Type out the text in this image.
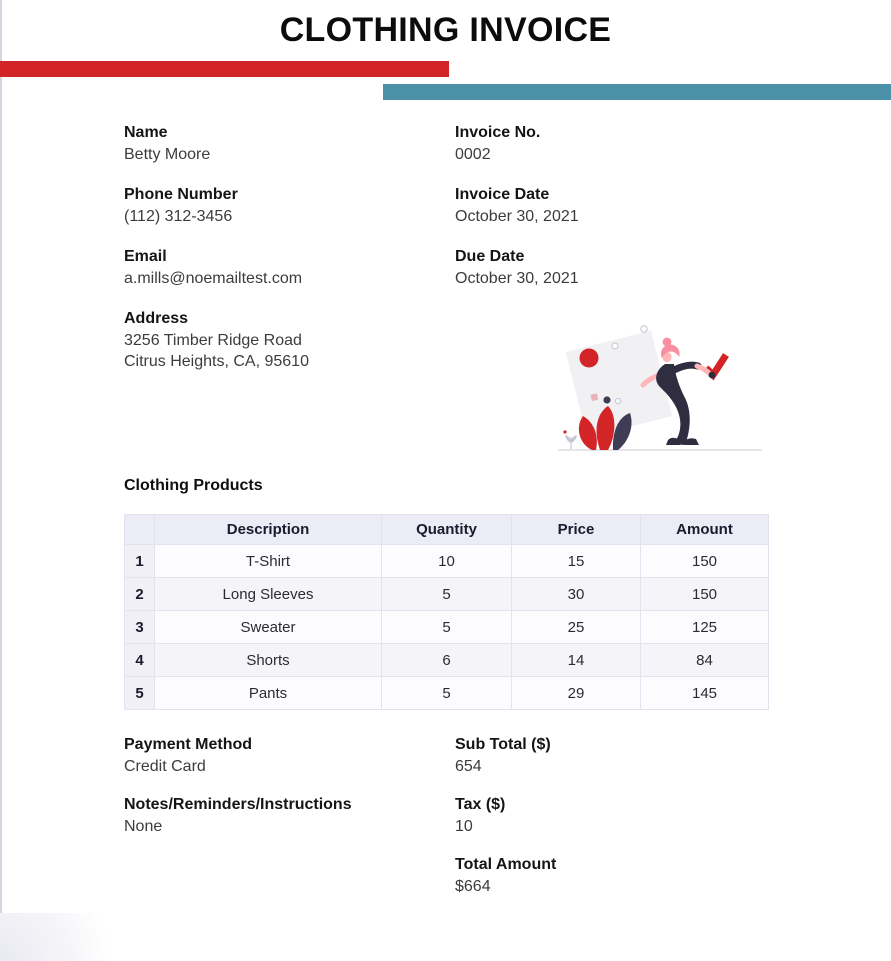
CLOTHING INVOICE
Name
Betty Moore
Phone Number
(112) 312-3456
Email
a.mills@noemailtest.com
Address
3256 Timber Ridge Road
Citrus Heights, CA, 95610
Invoice No.
0002
Invoice Date
October 30, 2021
Due Date
October 30, 2021
Clothing Products
	Description	Quantity	Price	Amount
1	T-Shirt	10	15	150
2	Long Sleeves	5	30	150
3	Sweater	5	25	125
4	Shorts	6	14	84
5	Pants	5	29	145
Payment Method
Credit Card
Notes/Reminders/Instructions
None
Sub Total ($)
654
Tax ($)
10
Total Amount
$664
